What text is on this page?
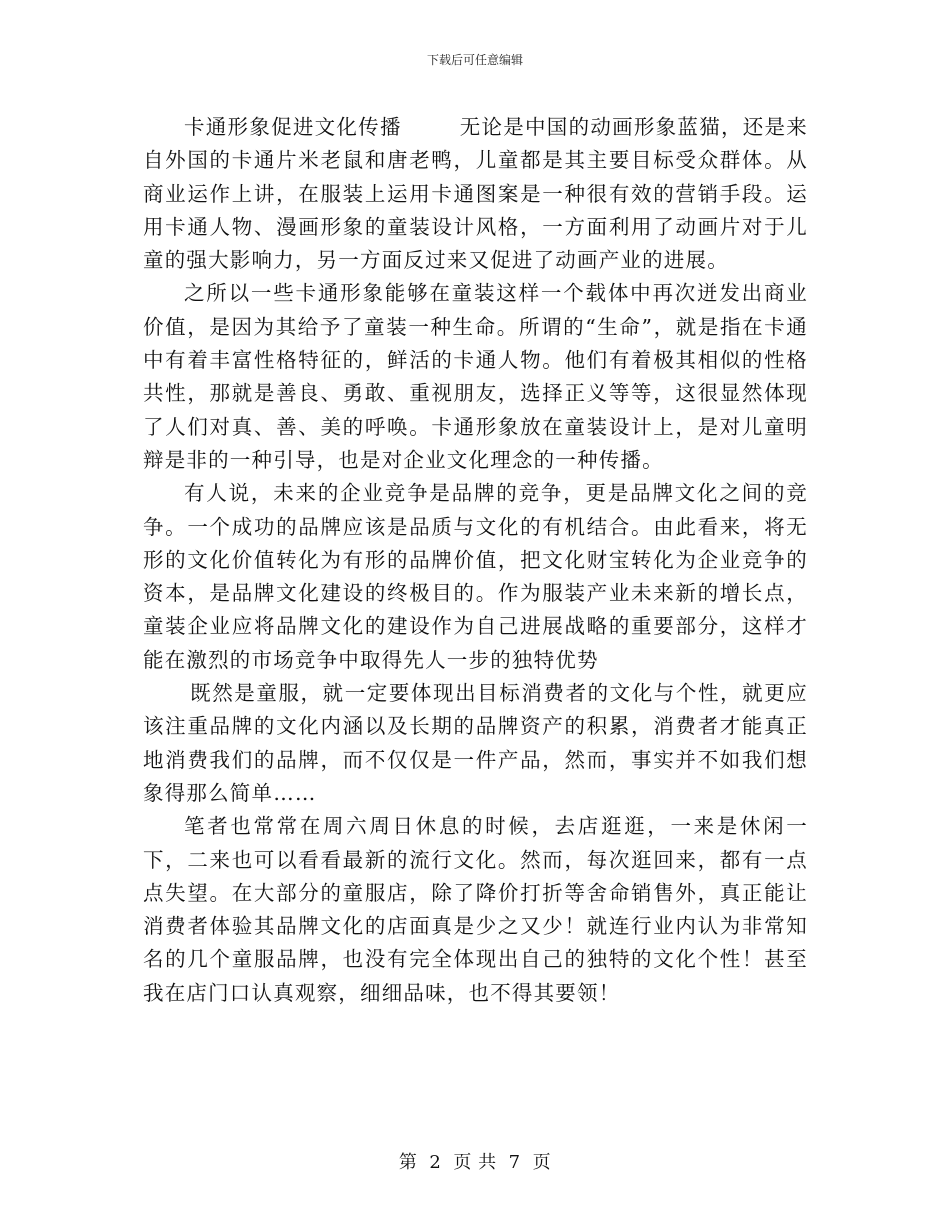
下载后可任意编辑

卡通形象促进文化传播	无论是中国的动画形象蓝猫，还是来自外国的卡通片米老鼠和唐老鸭，儿童都是其主要目标受众群体。从商业运作上讲，在服装上运用卡通图案是一种很有效的营销手段。运用卡通人物、漫画形象的童装设计风格，一方面利用了动画片对于儿童的强大影响力，另一方面反过来又促进了动画产业的进展。

之所以一些卡通形象能够在童装这样一个载体中再次迸发出商业价值，是因为其给予了童装一种生命。所谓的“生命”，就是指在卡通中有着丰富性格特征的，鲜活的卡通人物。他们有着极其相似的性格共性，那就是善良、勇敢、重视朋友，选择正义等等，这很显然体现了人们对真、善、美的呼唤。卡通形象放在童装设计上，是对儿童明辩是非的一种引导，也是对企业文化理念的一种传播。

有人说，未来的企业竞争是品牌的竞争，更是品牌文化之间的竞争。一个成功的品牌应该是品质与文化的有机结合。由此看来，将无形的文化价值转化为有形的品牌价值，把文化财宝转化为企业竞争的资本，是品牌文化建设的终极目的。作为服装产业未来新的增长点，童装企业应将品牌文化的建设作为自己进展战略的重要部分，这样才能在激烈的市场竞争中取得先人一步的独特优势

既然是童服，就一定要体现出目标消费者的文化与个性，就更应该注重品牌的文化内涵以及长期的品牌资产的积累，消费者才能真正地消费我们的品牌，而不仅仅是一件产品，然而，事实并不如我们想象得那么简单……

笔者也常常在周六周日休息的时候，去店逛逛，一来是休闲一下，二来也可以看看最新的流行文化。然而，每次逛回来，都有一点点失望。在大部分的童服店，除了降价打折等舍命销售外，真正能让消费者体验其品牌文化的店面真是少之又少！就连行业内认为非常知名的几个童服品牌，也没有完全体现出自己的独特的文化个性！甚至我在店门口认真观察，细细品味，也不得其要领！

第 2 页 共 7 页
